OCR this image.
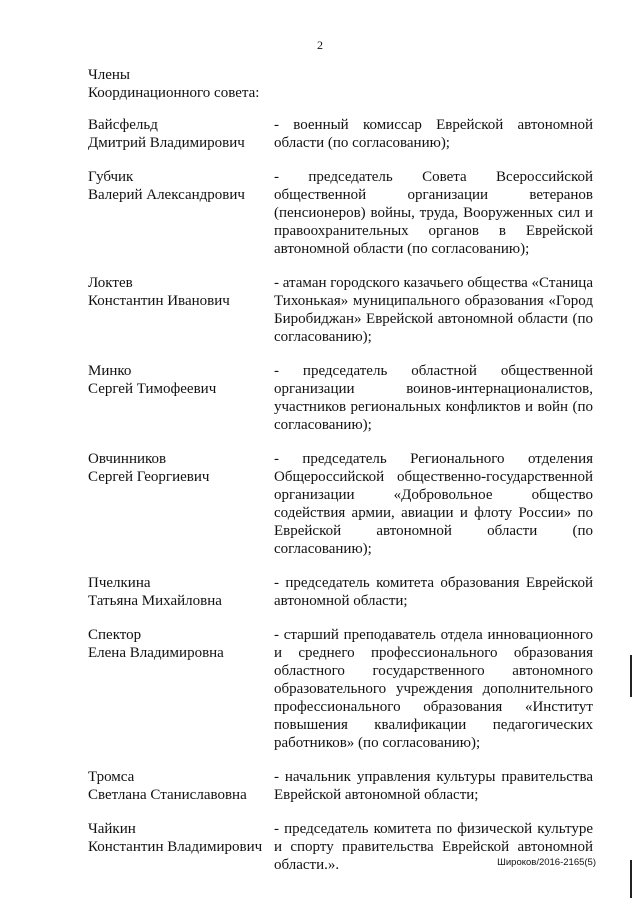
2
Члены
Координационного совета:
Вайсфельд
Дмитрий Владимирович
- военный комиссар Еврейской автономной области (по согласованию);
Губчик
Валерий Александрович
- председатель Совета Всероссийской общественной организации ветеранов (пенсионеров) войны, труда, Вооруженных сил и правоохранительных органов в Еврейской автономной области (по согласованию);
Локтев
Константин Иванович
- атаман городского казачьего общества «Станица Тихонькая» муниципального образования «Город Биробиджан» Еврейской автономной области (по согласованию);
Минко
Сергей Тимофеевич
- председатель областной общественной организации воинов-интернационалистов, участников региональных конфликтов и войн (по согласованию);
Овчинников
Сергей Георгиевич
- председатель Регионального отделения Общероссийской общественно-государственной организации «Добровольное общество содействия армии, авиации и флоту России» по Еврейской автономной области (по согласованию);
Пчелкина
Татьяна Михайловна
- председатель комитета образования Еврейской автономной области;
Спектор
Елена Владимировна
- старший преподаватель отдела инновационного и среднего профессионального образования областного государственного автономного образовательного учреждения дополнительного профессионального образования «Институт повышения квалификации педагогических работников» (по согласованию);
Тромса
Светлана Станиславовна
- начальник управления культуры правительства Еврейской автономной области;
Чайкин
Константин Владимирович
- председатель комитета по физической культуре и спорту правительства Еврейской автономной области.».	Широков/2016-2165(5)
